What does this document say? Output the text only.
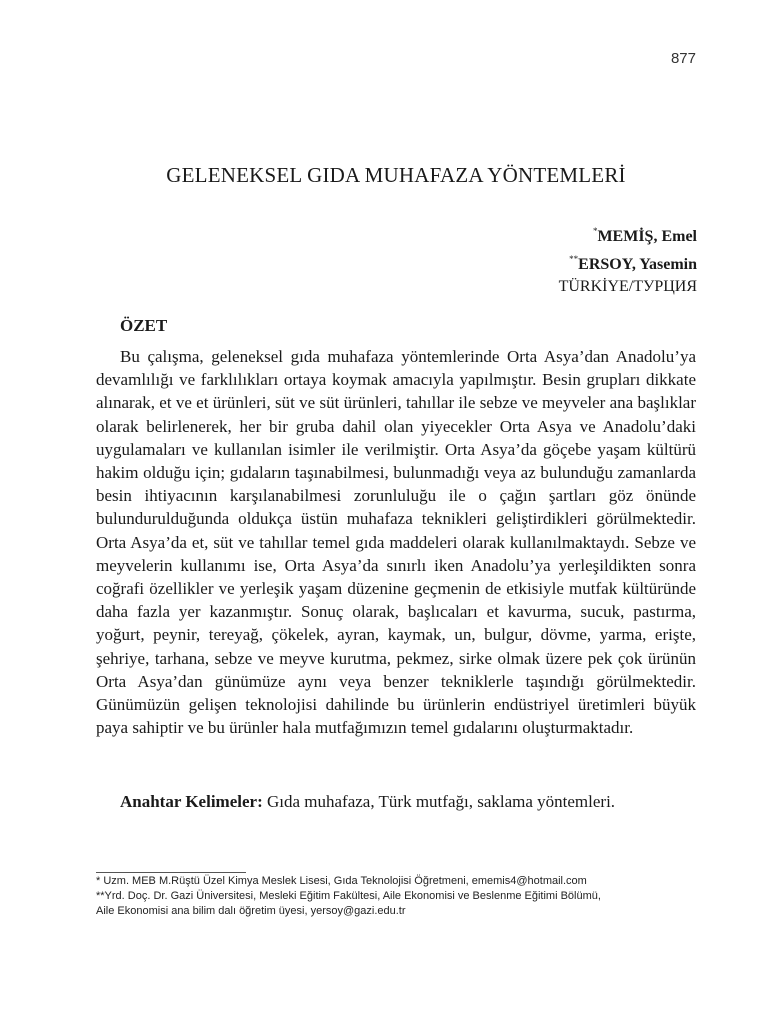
877
GELENEKSEL GIDA MUHAFAZA YÖNTEMLERİ
*MEMİŞ, Emel
**ERSOY, Yasemin
TÜRKİYE/ТУРЦИЯ
ÖZET

Bu çalışma, geleneksel gıda muhafaza yöntemlerinde Orta Asya’dan Anadolu’ya devamlılığı ve farklılıkları ortaya koymak amacıyla yapılmıştır. Besin grupları dikkate alınarak, et ve et ürünleri, süt ve süt ürünleri, tahıllar ile sebze ve meyveler ana başlıklar olarak belirlenerek, her bir gruba dahil olan yiyecekler Orta Asya ve Anadolu’daki uygulamaları ve kullanılan isimler ile verilmiştir. Orta Asya’da göçebe yaşam kültürü hakim olduğu için; gıdaların taşınabilmesi, bulunmadığı veya az bulunduğu zamanlarda besin ihtiyacının karşılanabilmesi zorunluluğu ile o çağın şartları göz önünde bulundurulduğunda oldukça üstün muhafaza teknikleri geliştirdikleri görülmektedir. Orta Asya’da et, süt ve tahıllar temel gıda maddeleri olarak kullanılmaktaydı. Sebze ve meyvelerin kullanımı ise, Orta Asya’da sınırlı iken Anadolu’ya yerleşildikten sonra coğrafi özellikler ve yerleşik yaşam düzenine geçmenin de etkisiyle mutfak kültüründe daha fazla yer kazanmıştır. Sonuç olarak, başlıcaları et kavurma, sucuk, pastırma, yoğurt, peynir, tereyağ, çökelek, ayran, kaymak, un, bulgur, dövme, yarma, erişte, şehriye, tarhana, sebze ve meyve kurutma, pekmez, sirke olmak üzere pek çok ürünün Orta Asya’dan günümüze aynı veya benzer tekniklerle taşındığı görülmektedir. Günümüzün gelişen teknolojisi dahilinde bu ürünlerin endüstriyel üretimleri büyük paya sahiptir ve bu ürünler hala mutfağımızın temel gıdalarını oluşturmaktadır.

Anahtar Kelimeler: Gıda muhafaza, Türk mutfağı, saklama yöntemleri.

* Uzm. MEB M.Rüştü Üzel Kimya Meslek Lisesi, Gıda Teknolojisi Öğretmeni, ememis4@hotmail.com
**Yrd. Doç. Dr. Gazi Üniversitesi, Mesleki Eğitim Fakültesi, Aile Ekonomisi ve Beslenme Eğitimi Bölümü,
Aile Ekonomisi ana bilim dalı öğretim üyesi, yersoy@gazi.edu.tr
